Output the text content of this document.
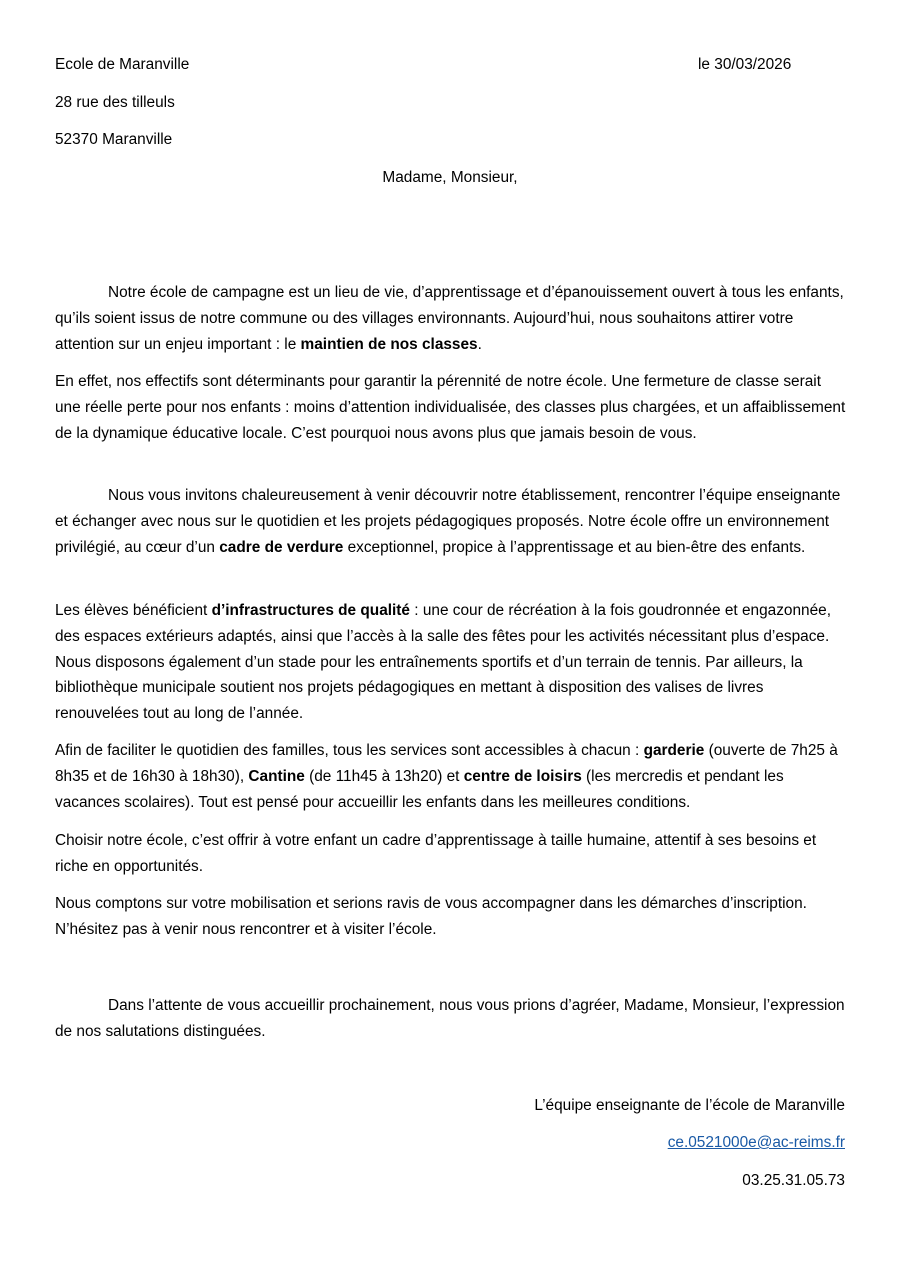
Ecole de Maranville	le 30/03/2026
28 rue des tilleuls
52370 Maranville
Madame, Monsieur,

Notre école de campagne est un lieu de vie, d’apprentissage et d’épanouissement ouvert à tous les enfants, qu’ils soient issus de notre commune ou des villages environnants. Aujourd’hui, nous souhaitons attirer votre attention sur un enjeu important : le maintien de nos classes.

En effet, nos effectifs sont déterminants pour garantir la pérennité de notre école. Une fermeture de classe serait une réelle perte pour nos enfants : moins d’attention individualisée, des classes plus chargées, et un affaiblissement de la dynamique éducative locale. C’est pourquoi nous avons plus que jamais besoin de vous.

Nous vous invitons chaleureusement à venir découvrir notre établissement, rencontrer l’équipe enseignante et échanger avec nous sur le quotidien et les projets pédagogiques proposés. Notre école offre un environnement privilégié, au cœur d’un cadre de verdure exceptionnel, propice à l’apprentissage et au bien-être des enfants.

Les élèves bénéficient d’infrastructures de qualité : une cour de récréation à la fois goudronnée et engazonnée, des espaces extérieurs adaptés, ainsi que l’accès à la salle des fêtes pour les activités nécessitant plus d’espace. Nous disposons également d’un stade pour les entraînements sportifs et d’un terrain de tennis. Par ailleurs, la bibliothèque municipale soutient nos projets pédagogiques en mettant à disposition des valises de livres renouvelées tout au long de l’année.

Afin de faciliter le quotidien des familles, tous les services sont accessibles à chacun : garderie (ouverte de 7h25 à 8h35 et de 16h30 à 18h30), Cantine (de 11h45 à 13h20) et centre de loisirs (les mercredis et pendant les vacances scolaires). Tout est pensé pour accueillir les enfants dans les meilleures conditions.

Choisir notre école, c’est offrir à votre enfant un cadre d’apprentissage à taille humaine, attentif à ses besoins et riche en opportunités.

Nous comptons sur votre mobilisation et serions ravis de vous accompagner dans les démarches d’inscription. N’hésitez pas à venir nous rencontrer et à visiter l’école.

Dans l’attente de vous accueillir prochainement, nous vous prions d’agréer, Madame, Monsieur, l’expression de nos salutations distinguées.

L’équipe enseignante de l’école de Maranville
ce.0521000e@ac-reims.fr
03.25.31.05.73
